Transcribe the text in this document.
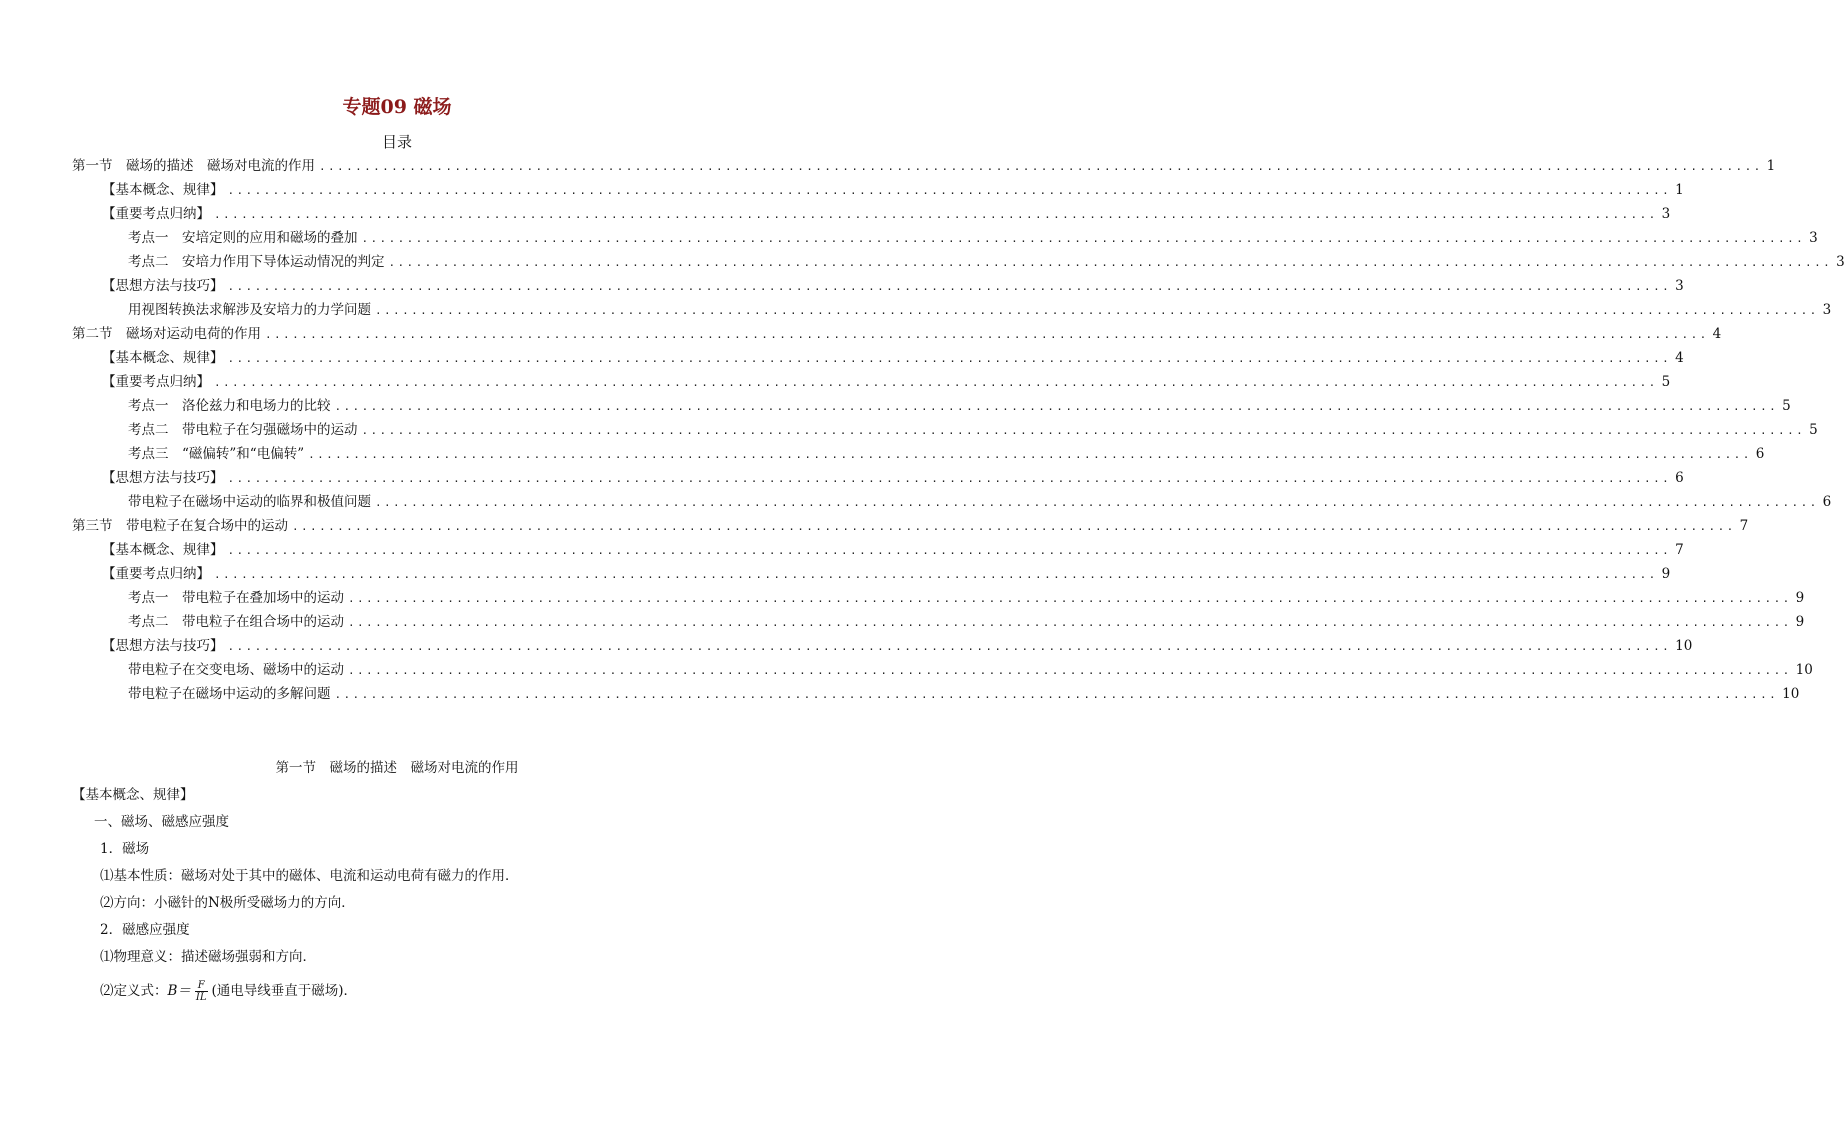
专题09 磁场
目录
第一节　磁场的描述　磁场对电流的作用 ................................................................................................................................................................ 1
【基本概念、规律】 ................................................................................................................................................................ 1
【重要考点归纳】 ................................................................................................................................................................ 3
考点一　安培定则的应用和磁场的叠加 ................................................................................................................................................................ 3
考点二　安培力作用下导体运动情况的判定 ................................................................................................................................................................ 3
【思想方法与技巧】 ................................................................................................................................................................ 3
用视图转换法求解涉及安培力的力学问题 ................................................................................................................................................................ 3
第二节　磁场对运动电荷的作用 ................................................................................................................................................................ 4
【基本概念、规律】 ................................................................................................................................................................ 4
【重要考点归纳】 ................................................................................................................................................................ 5
考点一　洛伦兹力和电场力的比较 ................................................................................................................................................................ 5
考点二　带电粒子在匀强磁场中的运动 ................................................................................................................................................................ 5
考点三　“磁偏转”和“电偏转” ................................................................................................................................................................ 6
【思想方法与技巧】 ................................................................................................................................................................ 6
带电粒子在磁场中运动的临界和极值问题 ................................................................................................................................................................ 6
第三节　带电粒子在复合场中的运动 ................................................................................................................................................................ 7
【基本概念、规律】 ................................................................................................................................................................ 7
【重要考点归纳】 ................................................................................................................................................................ 9
考点一　带电粒子在叠加场中的运动 ................................................................................................................................................................ 9
考点二　带电粒子在组合场中的运动 ................................................................................................................................................................ 9
【思想方法与技巧】 ................................................................................................................................................................ 10
带电粒子在交变电场、磁场中的运动 ................................................................................................................................................................ 10
带电粒子在磁场中运动的多解问题 ................................................................................................................................................................ 10
第一节　磁场的描述　磁场对电流的作用
【基本概念、规律】
一、磁场、磁感应强度
1．磁场
⑴基本性质：磁场对处于其中的磁体、电流和运动电荷有磁力的作用．
⑵方向：小磁针的N极所受磁场力的方向．
2．磁感应强度
⑴物理意义：描述磁场强弱和方向．
⑵定义式： $B= \frac{F}{IL}$ (通电导线垂直于磁场)．
